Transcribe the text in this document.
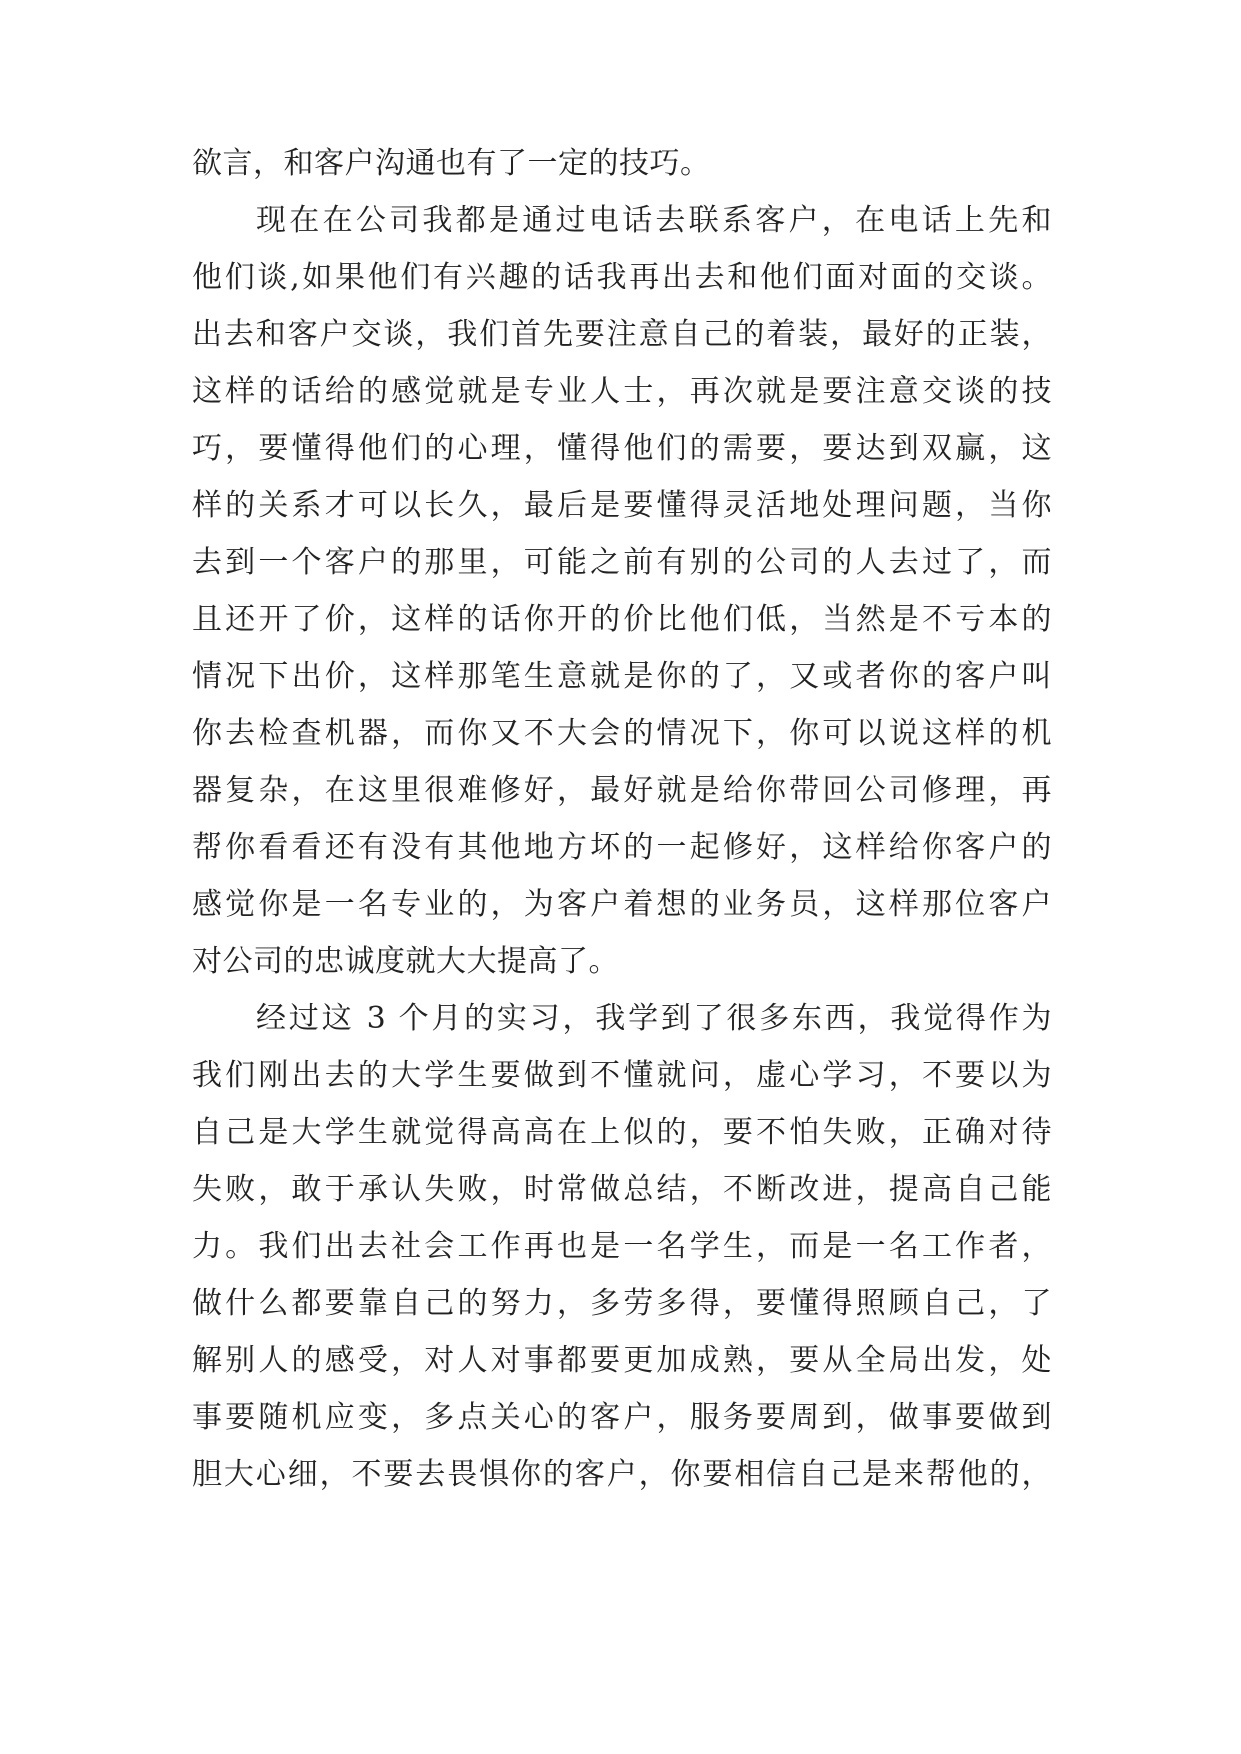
欲言，和客户沟通也有了一定的技巧。
现在在公司我都是通过电话去联系客户，在电话上先和
他们谈,如果他们有兴趣的话我再出去和他们面对面的交谈。
出去和客户交谈，我们首先要注意自己的着装，最好的正装，
这样的话给的感觉就是专业人士，再次就是要注意交谈的技
巧，要懂得他们的心理，懂得他们的需要，要达到双赢，这
样的关系才可以长久，最后是要懂得灵活地处理问题，当你
去到一个客户的那里，可能之前有别的公司的人去过了，而
且还开了价，这样的话你开的价比他们低，当然是不亏本的
情况下出价，这样那笔生意就是你的了，又或者你的客户叫
你去检查机器，而你又不大会的情况下，你可以说这样的机
器复杂，在这里很难修好，最好就是给你带回公司修理，再
帮你看看还有没有其他地方坏的一起修好，这样给你客户的
感觉你是一名专业的，为客户着想的业务员，这样那位客户
对公司的忠诚度就大大提高了。
经过这 3 个月的实习，我学到了很多东西，我觉得作为
我们刚出去的大学生要做到不懂就问，虚心学习，不要以为
自己是大学生就觉得高高在上似的，要不怕失败，正确对待
失败，敢于承认失败，时常做总结，不断改进，提高自己能
力。我们出去社会工作再也是一名学生，而是一名工作者，
做什么都要靠自己的努力，多劳多得，要懂得照顾自己，了
解别人的感受，对人对事都要更加成熟，要从全局出发，处
事要随机应变，多点关心的客户，服务要周到，做事要做到
胆大心细，不要去畏惧你的客户，你要相信自己是来帮他的，
